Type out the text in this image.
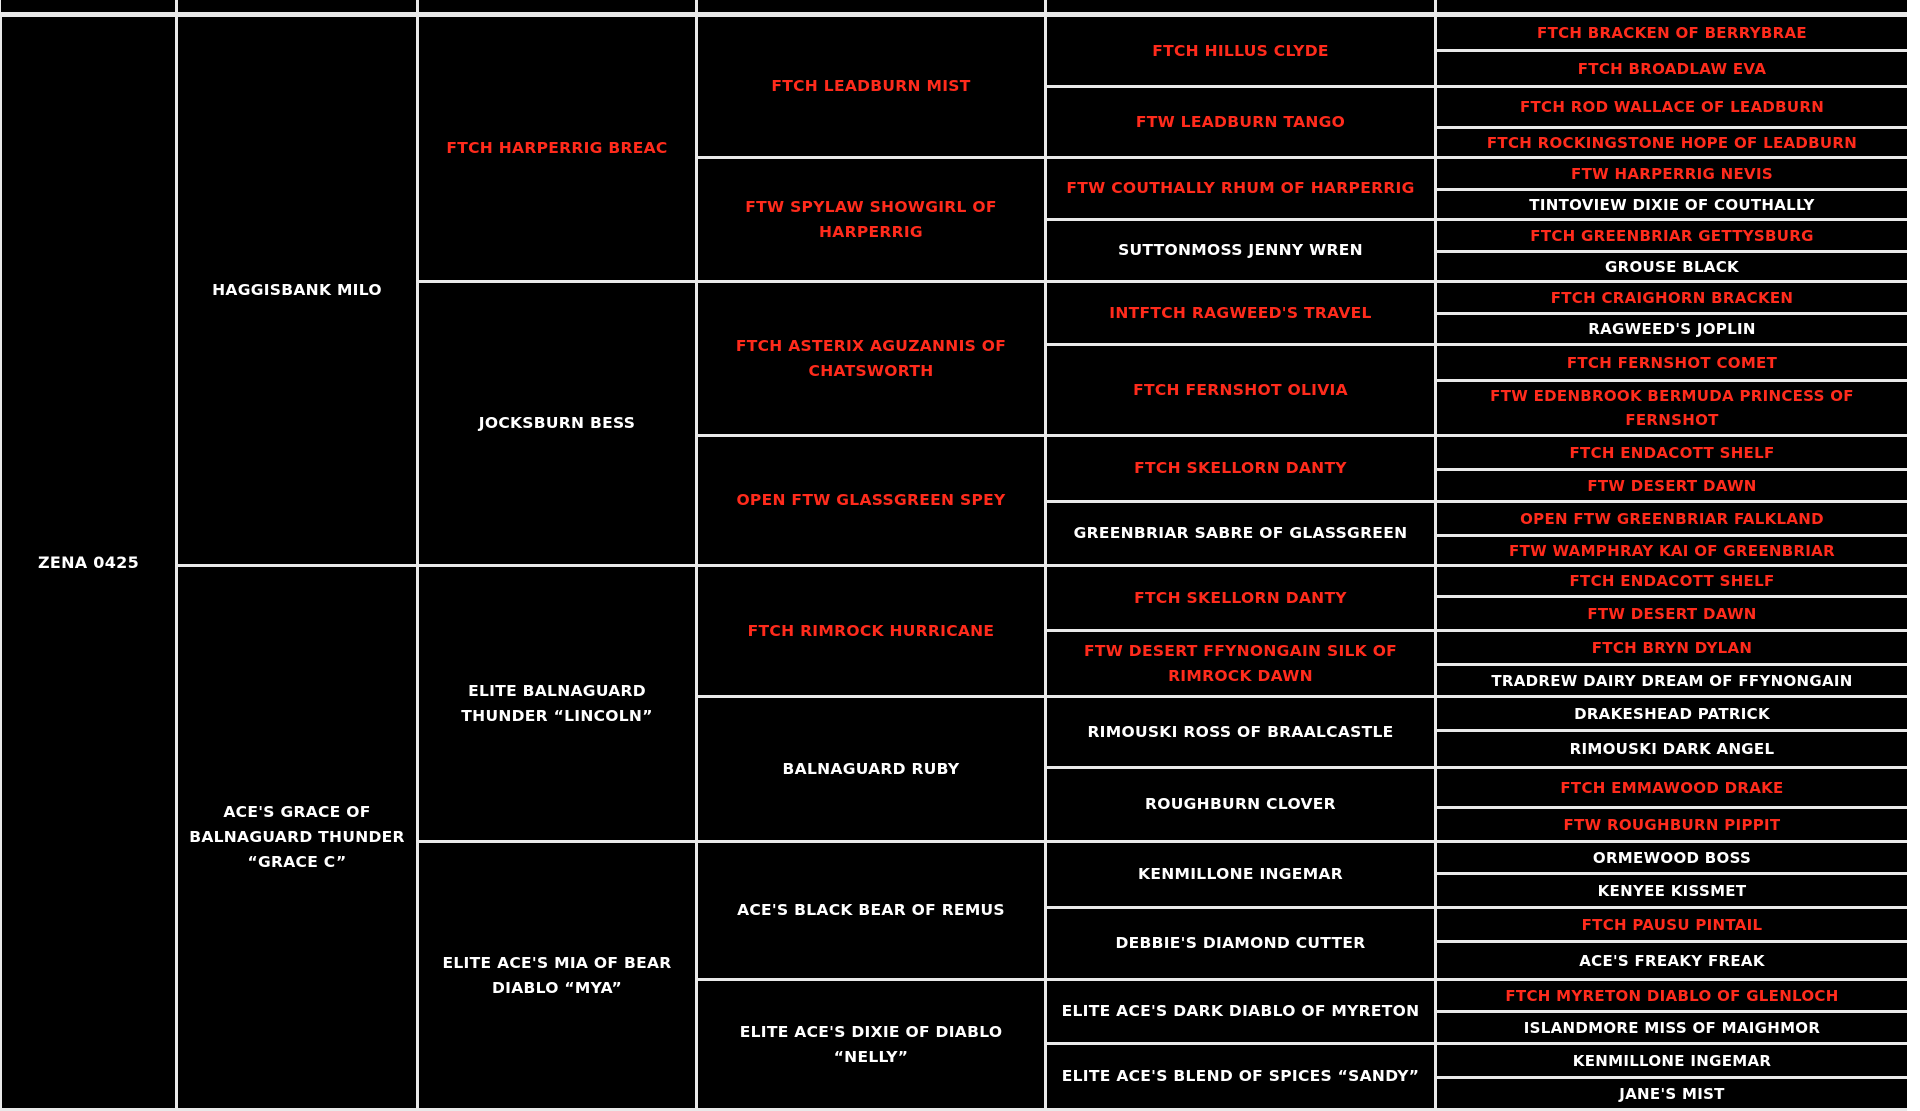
ZENA 0425
HAGGISBANK MILO
ACE'S GRACE OF BALNAGUARD THUNDER “GRACE C”
FTCH HARPERRIG BREAC
JOCKSBURN BESS
ELITE BALNAGUARD THUNDER “LINCOLN”
ELITE ACE'S MIA OF BEAR DIABLO “MYA”
FTCH LEADBURN MIST
FTW SPYLAW SHOWGIRL OF HARPERRIG
FTCH ASTERIX AGUZANNIS OF CHATSWORTH
OPEN FTW GLASSGREEN SPEY
FTCH RIMROCK HURRICANE
BALNAGUARD RUBY
ACE'S BLACK BEAR OF REMUS
ELITE ACE'S DIXIE OF DIABLO “NELLY”
FTCH HILLUS CLYDE
FTW LEADBURN TANGO
FTW COUTHALLY RHUM OF HARPERRIG
SUTTONMOSS JENNY WREN
INTFTCH RAGWEED'S TRAVEL
FTCH FERNSHOT OLIVIA
FTCH SKELLORN DANTY
GREENBRIAR SABRE OF GLASSGREEN
FTCH SKELLORN DANTY
FTW DESERT FFYNONGAIN SILK OF RIMROCK DAWN
RIMOUSKI ROSS OF BRAALCASTLE
ROUGHBURN CLOVER
KENMILLONE INGEMAR
DEBBIE'S DIAMOND CUTTER
ELITE ACE'S DARK DIABLO OF MYRETON
ELITE ACE'S BLEND OF SPICES “SANDY”
FTCH BRACKEN OF BERRYBRAE
FTCH BROADLAW EVA
FTCH ROD WALLACE OF LEADBURN
FTCH ROCKINGSTONE HOPE OF LEADBURN
FTW HARPERRIG NEVIS
TINTOVIEW DIXIE OF COUTHALLY
FTCH GREENBRIAR GETTYSBURG
GROUSE BLACK
FTCH CRAIGHORN BRACKEN
RAGWEED'S JOPLIN
FTCH FERNSHOT COMET
FTW EDENBROOK BERMUDA PRINCESS OF FERNSHOT
FTCH ENDACOTT SHELF
FTW DESERT DAWN
OPEN FTW GREENBRIAR FALKLAND
FTW WAMPHRAY KAI OF GREENBRIAR
FTCH ENDACOTT SHELF
FTW DESERT DAWN
FTCH BRYN DYLAN
TRADREW DAIRY DREAM OF FFYNONGAIN
DRAKESHEAD PATRICK
RIMOUSKI DARK ANGEL
FTCH EMMAWOOD DRAKE
FTW ROUGHBURN PIPPIT
ORMEWOOD BOSS
KENYEE KISSMET
FTCH PAUSU PINTAIL
ACE'S FREAKY FREAK
FTCH MYRETON DIABLO OF GLENLOCH
ISLANDMORE MISS OF MAIGHMOR
KENMILLONE INGEMAR
JANE'S MIST
